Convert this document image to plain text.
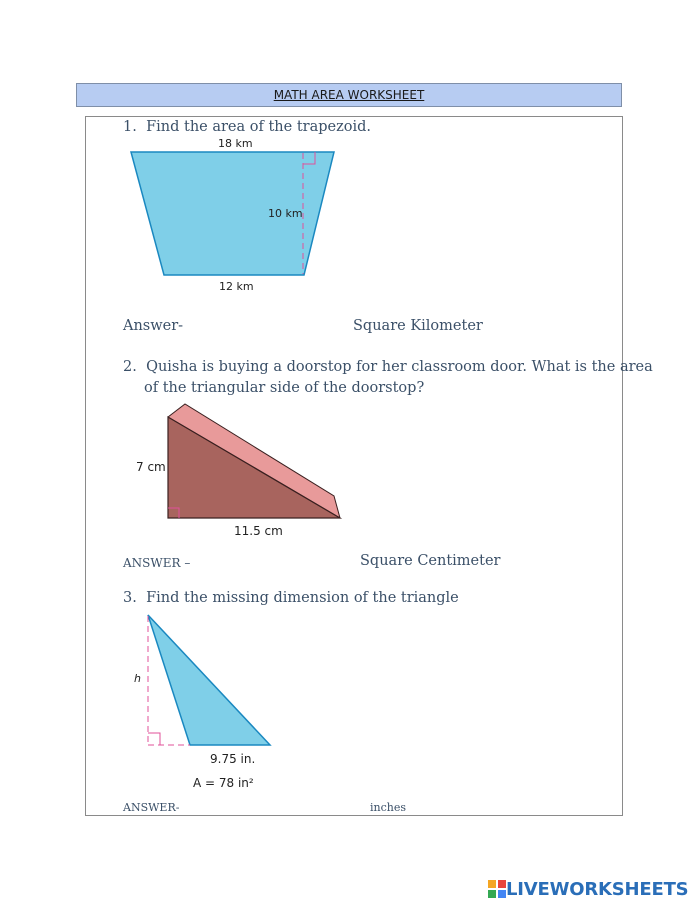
MATH AREA WORKSHEET
1. Find the area of the trapezoid.
18 km
10 km
12 km
Answer-	Square Kilometer
2. Quisha is buying a doorstop for her classroom door. What is the area
of the triangular side of the doorstop?
7 cm
11.5 cm
ANSWER –	Square Centimeter
3. Find the missing dimension of the triangle
h
9.75 in.
A = 78 in²
ANSWER-	inches
LIVEWORKSHEETS
